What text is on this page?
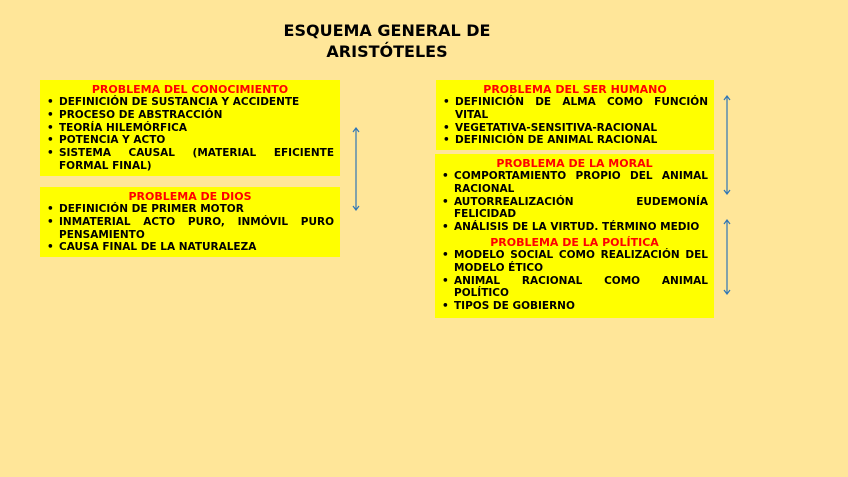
ESQUEMA GENERAL DE
ARISTÓTELES
PROBLEMA DEL CONOCIMIENTO
• DEFINICIÓN DE SUSTANCIA Y ACCIDENTE
• PROCESO DE ABSTRACCIÓN
• TEORÍA HILEMÓRFICA
• POTENCIA Y ACTO
• SISTEMA CAUSAL (MATERIAL EFICIENTE FORMAL FINAL)
PROBLEMA DE DIOS
• DEFINICIÓN DE PRIMER MOTOR
• INMATERIAL ACTO PURO, INMÓVIL PURO PENSAMIENTO
• CAUSA FINAL DE LA NATURALEZA
PROBLEMA DEL SER HUMANO
• DEFINICIÓN DE ALMA COMO FUNCIÓN VITAL
• VEGETATIVA-SENSITIVA-RACIONAL
• DEFINICIÓN DE ANIMAL RACIONAL
PROBLEMA DE LA MORAL
• COMPORTAMIENTO PROPIO DEL ANIMAL RACIONAL
• AUTORREALIZACIÓN EUDEMONÍA FELICIDAD
• ANÁLISIS DE LA VIRTUD. TÉRMINO MEDIO
PROBLEMA DE LA POLÍTICA
• MODELO SOCIAL COMO REALIZACIÓN DEL MODELO ÉTICO
• ANIMAL RACIONAL COMO ANIMAL POLÍTICO
• TIPOS DE GOBIERNO
